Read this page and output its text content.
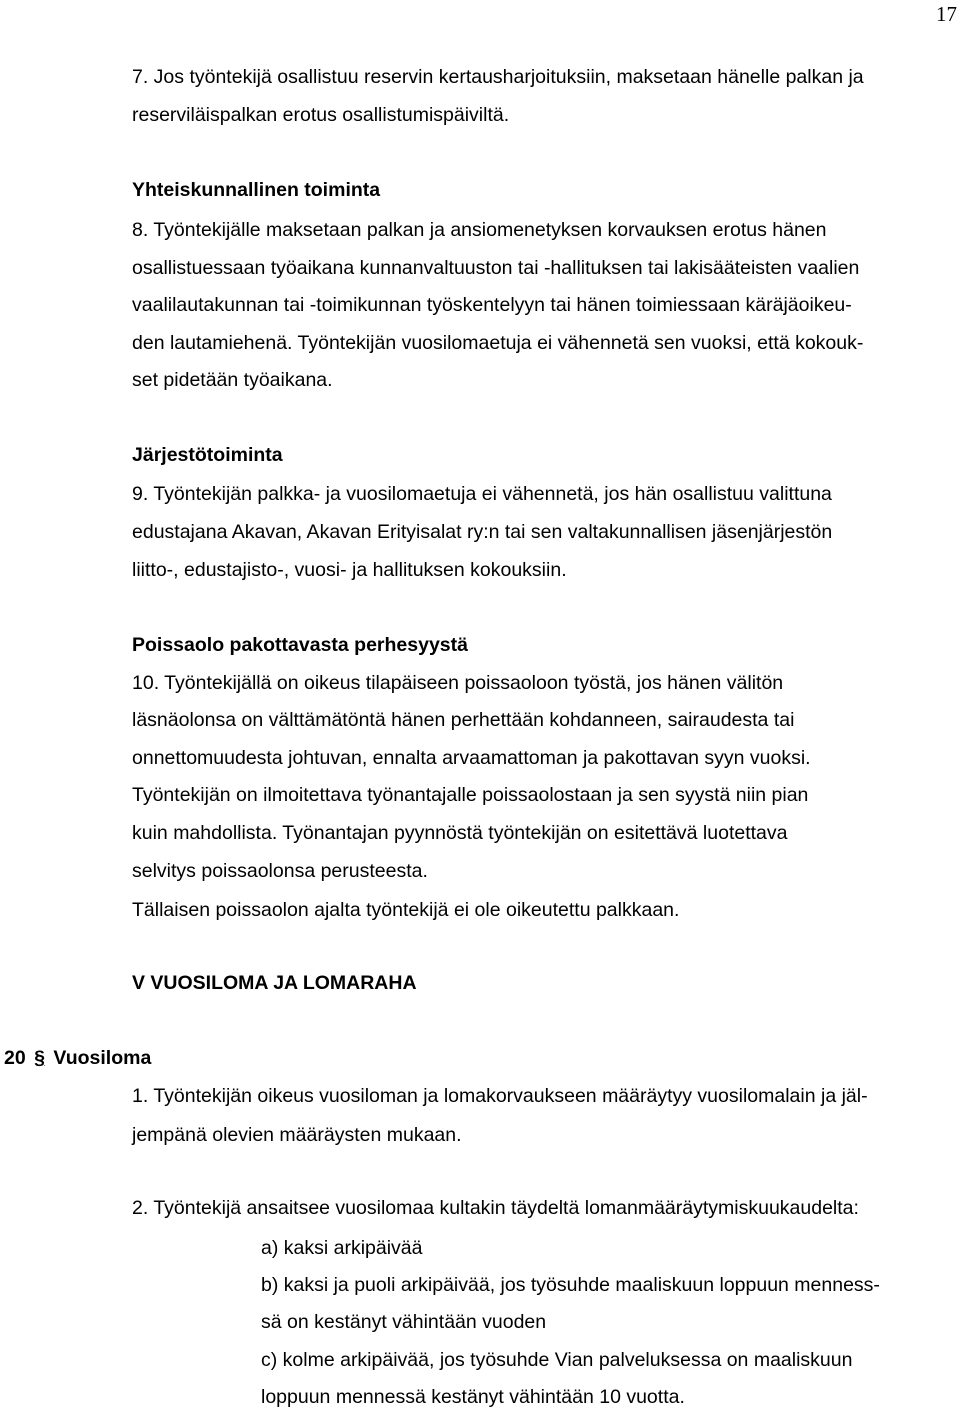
17
7. Jos työntekijä osallistuu reservin kertausharjoituksiin, maksetaan hänelle palkan ja
reserviläispalkan erotus osallistumispäiviltä.
Yhteiskunnallinen toiminta
8. Työntekijälle maksetaan palkan ja ansiomenetyksen korvauksen erotus hänen
osallistuessaan työaikana kunnanvaltuuston tai -hallituksen tai lakisääteisten vaalien
vaalilautakunnan tai -toimikunnan työskentelyyn tai hänen toimiessaan käräjäoikeu-
den lautamiehenä. Työntekijän vuosilomaetuja ei vähennetä sen vuoksi, että kokouk-
set pidetään työaikana.
Järjestötoiminta
9. Työntekijän palkka- ja vuosilomaetuja ei vähennetä, jos hän osallistuu valittuna
edustajana Akavan, Akavan Erityisalat ry:n tai sen valtakunnallisen jäsenjärjestön
liitto-, edustajisto-, vuosi- ja hallituksen kokouksiin.
Poissaolo pakottavasta perhesyystä
10. Työntekijällä on oikeus tilapäiseen poissaoloon työstä, jos hänen välitön
läsnäolonsa on välttämätöntä hänen perhettään kohdanneen, sairaudesta tai
onnettomuudesta johtuvan, ennalta arvaamattoman ja pakottavan syyn vuoksi.
Työntekijän on ilmoitettava työnantajalle poissaolostaan ja sen syystä niin pian
kuin mahdollista. Työnantajan pyynnöstä työntekijän on esitettävä luotettava
selvitys poissaolonsa perusteesta.
Tällaisen poissaolon ajalta työntekijä ei ole oikeutettu palkkaan.
V VUOSILOMA JA LOMARAHA
20 § Vuosiloma
1. Työntekijän oikeus vuosiloman ja lomakorvaukseen määräytyy vuosilomalain ja jäl-
jempänä olevien määräysten mukaan.
2. Työntekijä ansaitsee vuosilomaa kultakin täydeltä lomanmääräytymiskuukaudelta:
a) kaksi arkipäivää
b) kaksi ja puoli arkipäivää, jos työsuhde maaliskuun loppuun menness-
sä on kestänyt vähintään vuoden
c) kolme arkipäivää, jos työsuhde Vian palveluksessa on maaliskuun
loppuun mennessä kestänyt vähintään 10 vuotta.
